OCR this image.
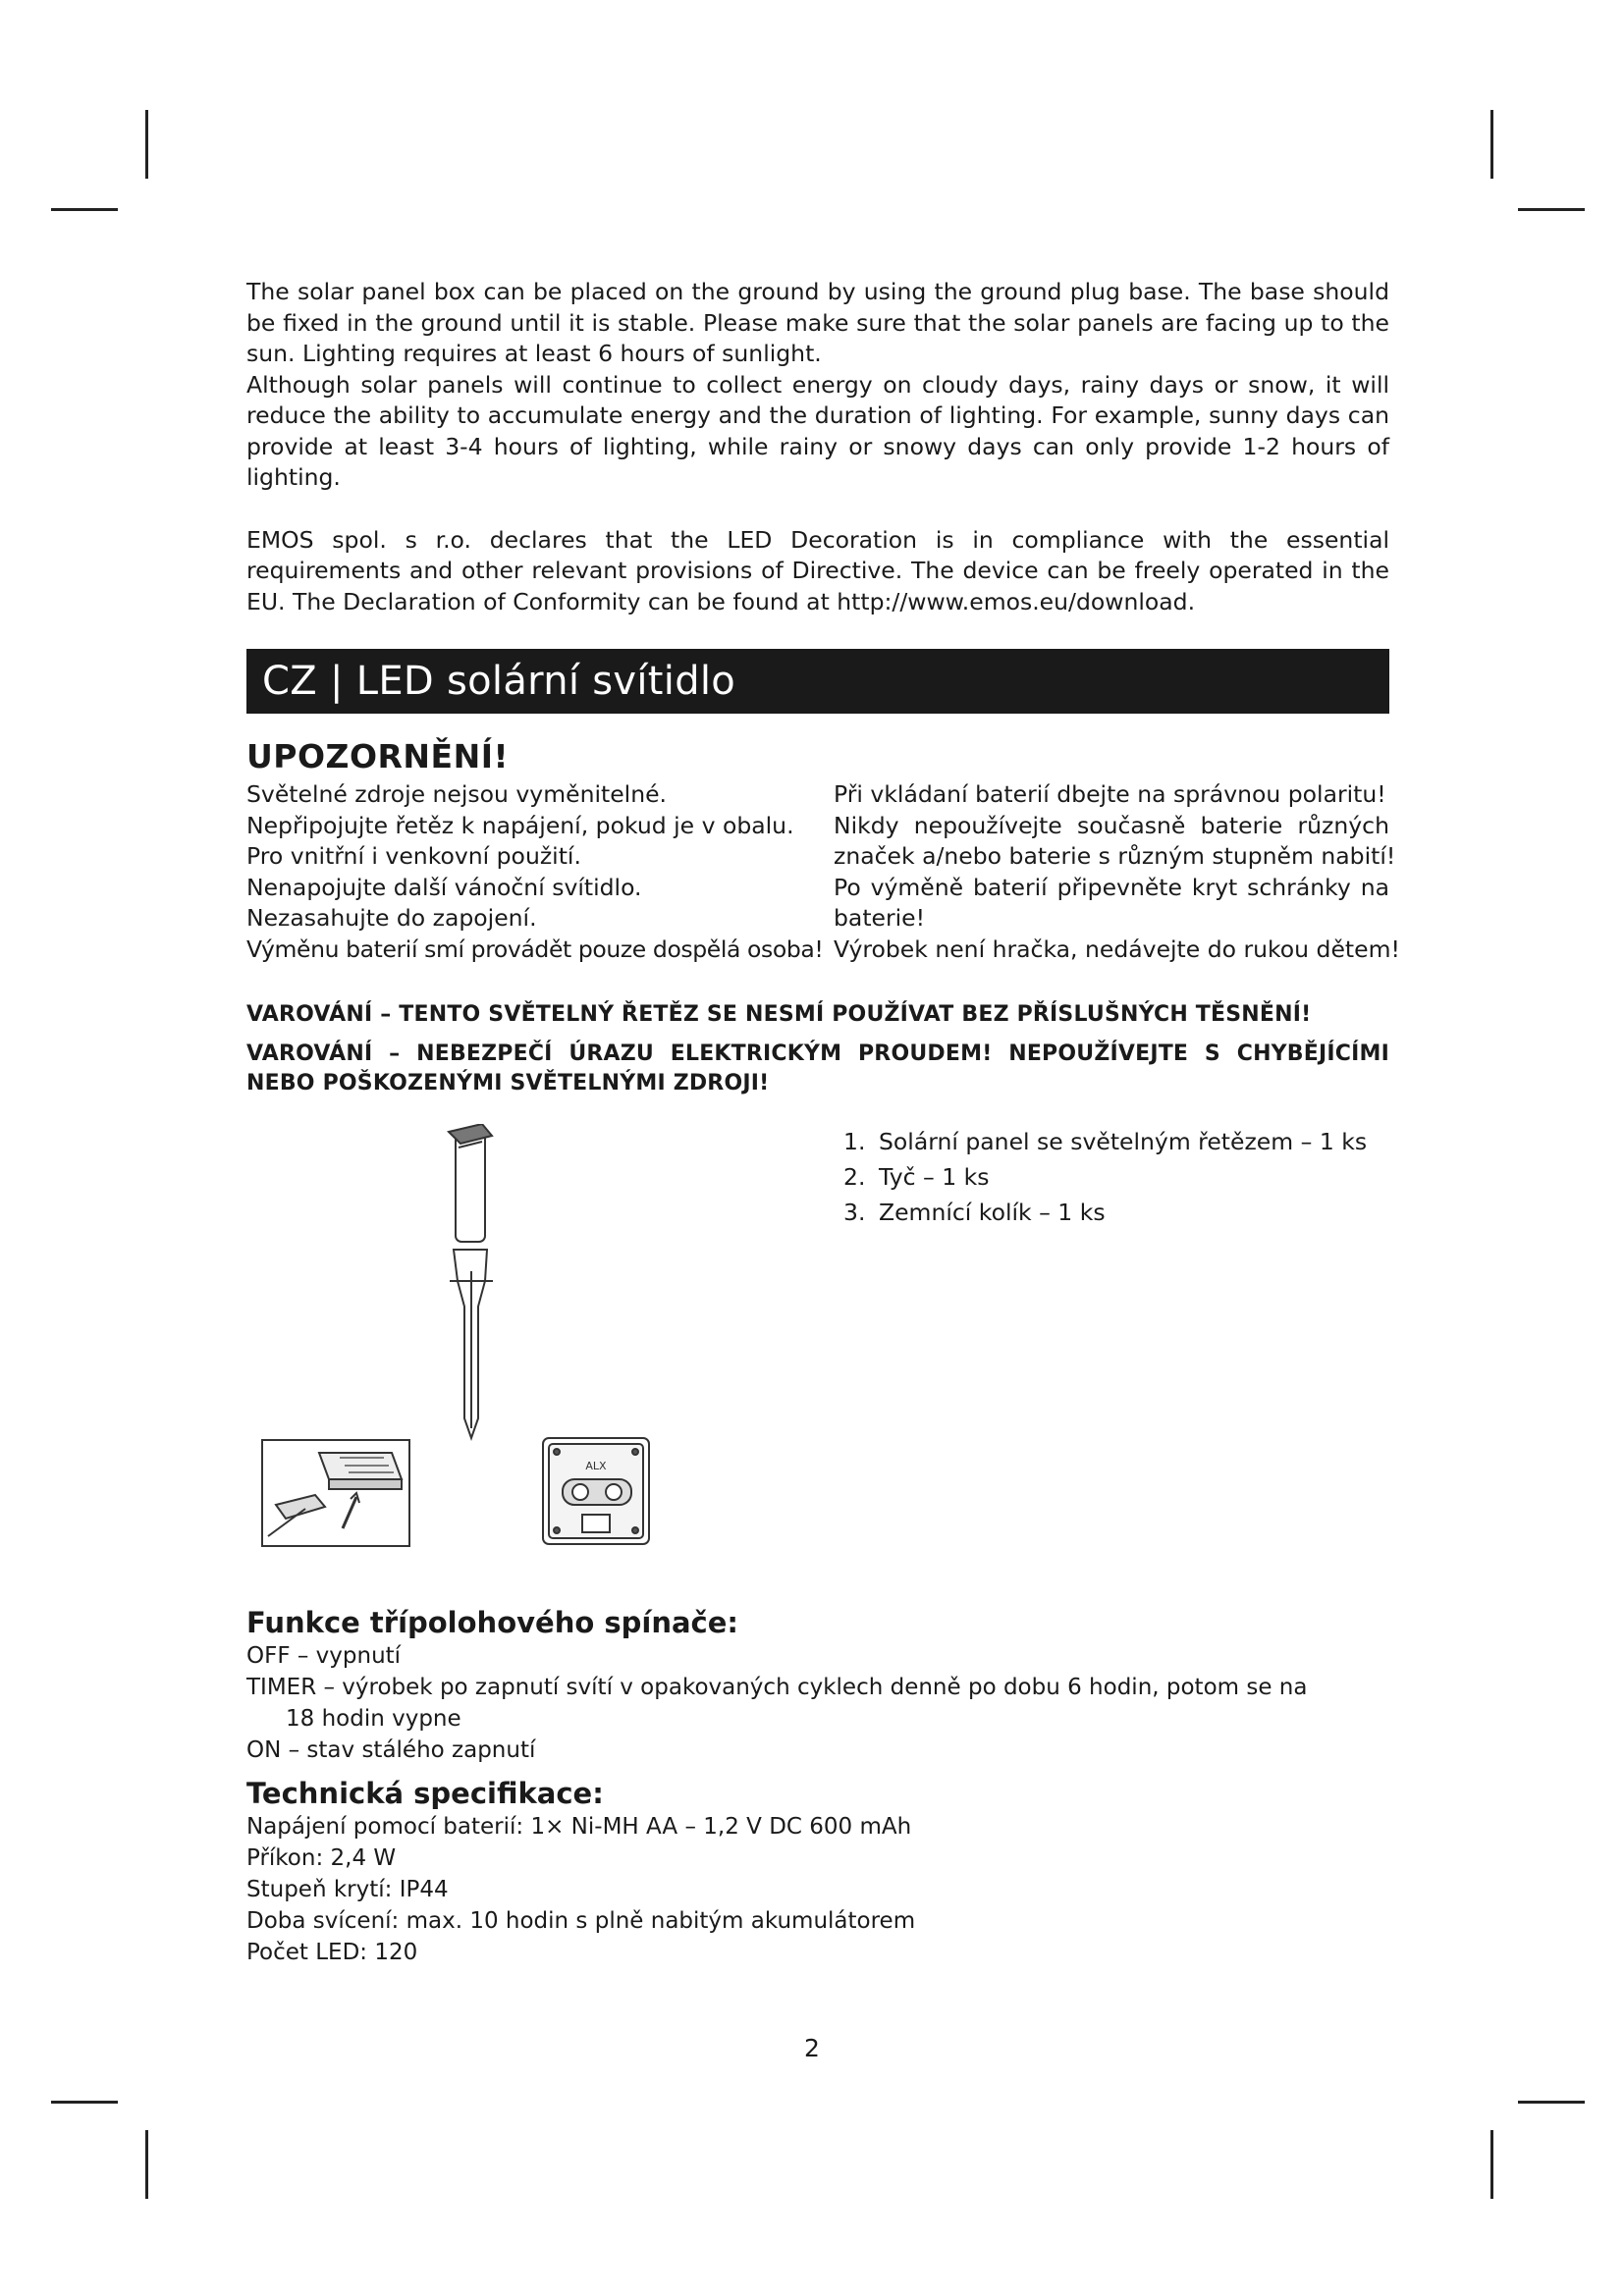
The solar panel box can be placed on the ground by using the ground plug base. The base should be fixed in the ground until it is stable. Please make sure that the solar panels are facing up to the sun. Lighting requires at least 6 hours of sunlight.

Although solar panels will continue to collect energy on cloudy days, rainy days or snow, it will reduce the ability to accumulate energy and the duration of lighting. For example, sunny days can provide at least 3-4 hours of lighting, while rainy or snowy days can only provide 1-2 hours of lighting.

EMOS spol. s r.o. declares that the LED Decoration is in compliance with the essential requirements and other relevant provisions of Directive. The device can be freely operated in the EU. The Declaration of Conformity can be found at http://www.emos.eu/download.

CZ | LED solární svítidlo
UPOZORNĚNÍ!

Světelné zdroje nejsou vyměnitelné.

Nepřipojujte řetěz k napájení, pokud je v obalu.

Pro vnitřní i venkovní použití.

Nenapojujte další vánoční svítidlo.

Nezasahujte do zapojení.

Výměnu baterií smí provádět pouze dospělá osoba!

Při vkládaní baterií dbejte na správnou polaritu!

Nikdy nepoužívejte současně baterie různých

značek a/nebo baterie s různým stupněm nabití!

Po výměně baterií připevněte kryt schránky na

baterie!

Výrobek není hračka, nedávejte do rukou dětem!

VAROVÁNÍ – TENTO SVĚTELNÝ ŘETĚZ SE NESMÍ POUŽÍVAT BEZ PŘÍSLUŠNÝCH TĚSNĚNÍ!

VAROVÁNÍ – NEBEZPEČÍ ÚRAZU ELEKTRICKÝM PROUDEM! NEPOUŽÍVEJTE S CHYBĚJÍCÍMI NEBO POŠKOZENÝMI SVĚTELNÝMI ZDROJI!

ALX
1. Solární panel se světelným řetězem – 1 ks
2. Tyč – 1 ks
3. Zemnící kolík – 1 ks
Funkce třípolohového spínače:

OFF – vypnutí

TIMER – výrobek po zapnutí svítí v opakovaných cyklech denně po dobu 6 hodin, potom se na

18 hodin vypne

ON – stav stálého zapnutí

Technická specifikace:

Napájení pomocí baterií: 1× Ni-MH AA – 1,2 V DC 600 mAh

Příkon: 2,4 W

Stupeň krytí: IP44

Doba svícení: max. 10 hodin s plně nabitým akumulátorem

Počet LED: 120

2
